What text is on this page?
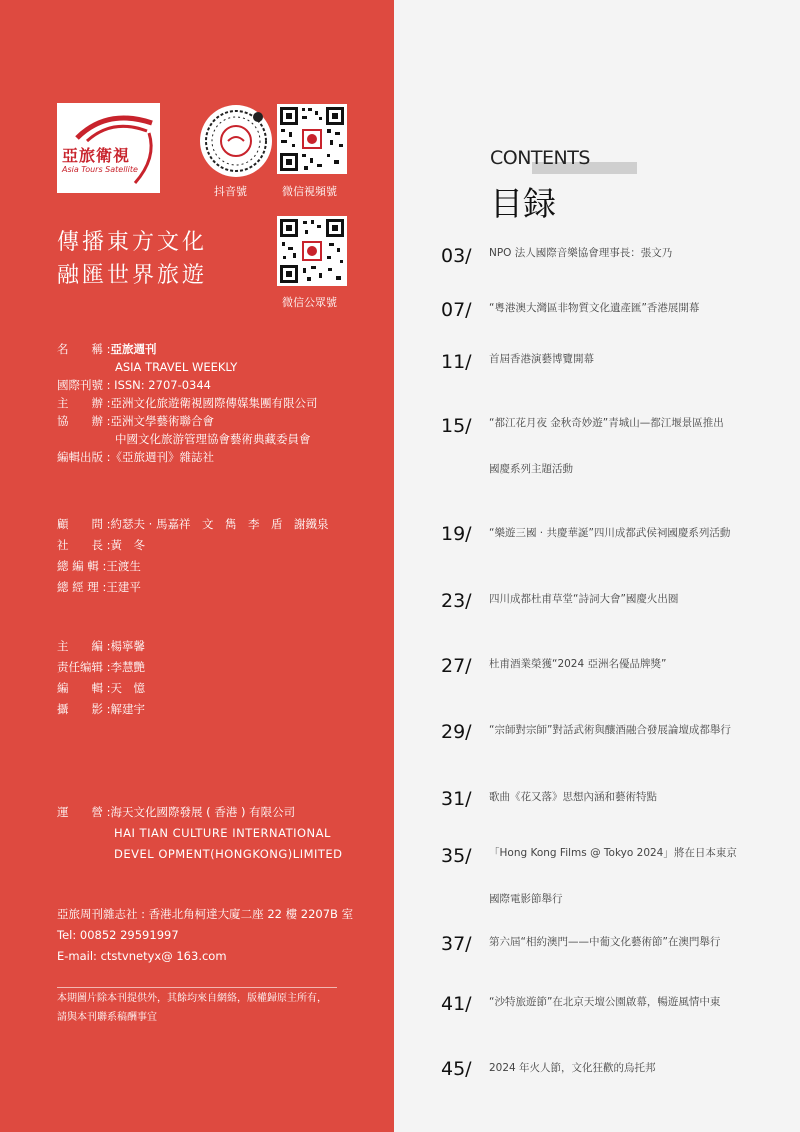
亞旅衛視
Asia Tours Satellite
抖音號	微信視頻號
微信公眾號
傳播東方文化
融匯世界旅遊
名　　稱 :亞旅週刊
ASIA TRAVEL WEEKLY
國際刊號 : ISSN: 2707-0344
主　　辦 :亞洲文化旅遊衛視國際傳媒集團有限公司
協　　辦 :亞洲文學藝術聯合會
中國文化旅游管理協會藝術典藏委員會
編輯出版 :《亞旅週刊》雜誌社
顧　　問 :約瑟夫 · 馬嘉祥　文　雋　李　盾　謝鐵泉
社　　長 :黃　冬
總 編 輯 :王渡生
總 經 理 :王建平
主　　編 :楊寧馨
责任编辑 :李慧艷
編　　輯 :天　憶
攝　　影 :解建宇
運　　營 :海天文化國際發展 ( 香港 ) 有限公司
HAI TIAN CULTURE INTERNATIONAL
DEVEL OPMENT(HONGKONG)LIMITED
亞旅周刊雜志社 : 香港北角柯達大廈二座 22 樓 2207B 室
Tel: 00852 29591997
E-mail: ctstvnetyx@ 163.com
本期圖片除本刊提供外，其餘均來自網絡，版權歸原主所有，
請與本刊聯系稿酬事宜
CONTENTS
目録
03/ NPO 法人國際音樂協會理事長：張文乃
07/ “粵港澳大灣區非物質文化遺產匯”香港展開幕
11/ 首屆香港演藝博覽開幕
15/ “都江花月夜 金秋奇妙遊”青城山—都江堰景區推出
國慶系列主題活動
19/ “樂遊三國 · 共慶華誕”四川成都武侯祠國慶系列活動
23/ 四川成都杜甫草堂“詩詞大會”國慶火出圈
27/ 杜甫酒業榮獲“2024 亞洲名優品牌獎”
29/ “宗師對宗師”對話武術與釀酒融合發展論壇成都舉行
31/ 歌曲《花又落》思想內涵和藝術特點
35/ 「Hong Kong Films @ Tokyo 2024」將在日本東京
國際電影節舉行
37/ 第六屆“相約澳門——中葡文化藝術節”在澳門舉行
41/ “沙特旅遊節”在北京天壇公園啟幕，暢遊風情中東
45/ 2024 年火人節，文化狂歡的烏托邦
